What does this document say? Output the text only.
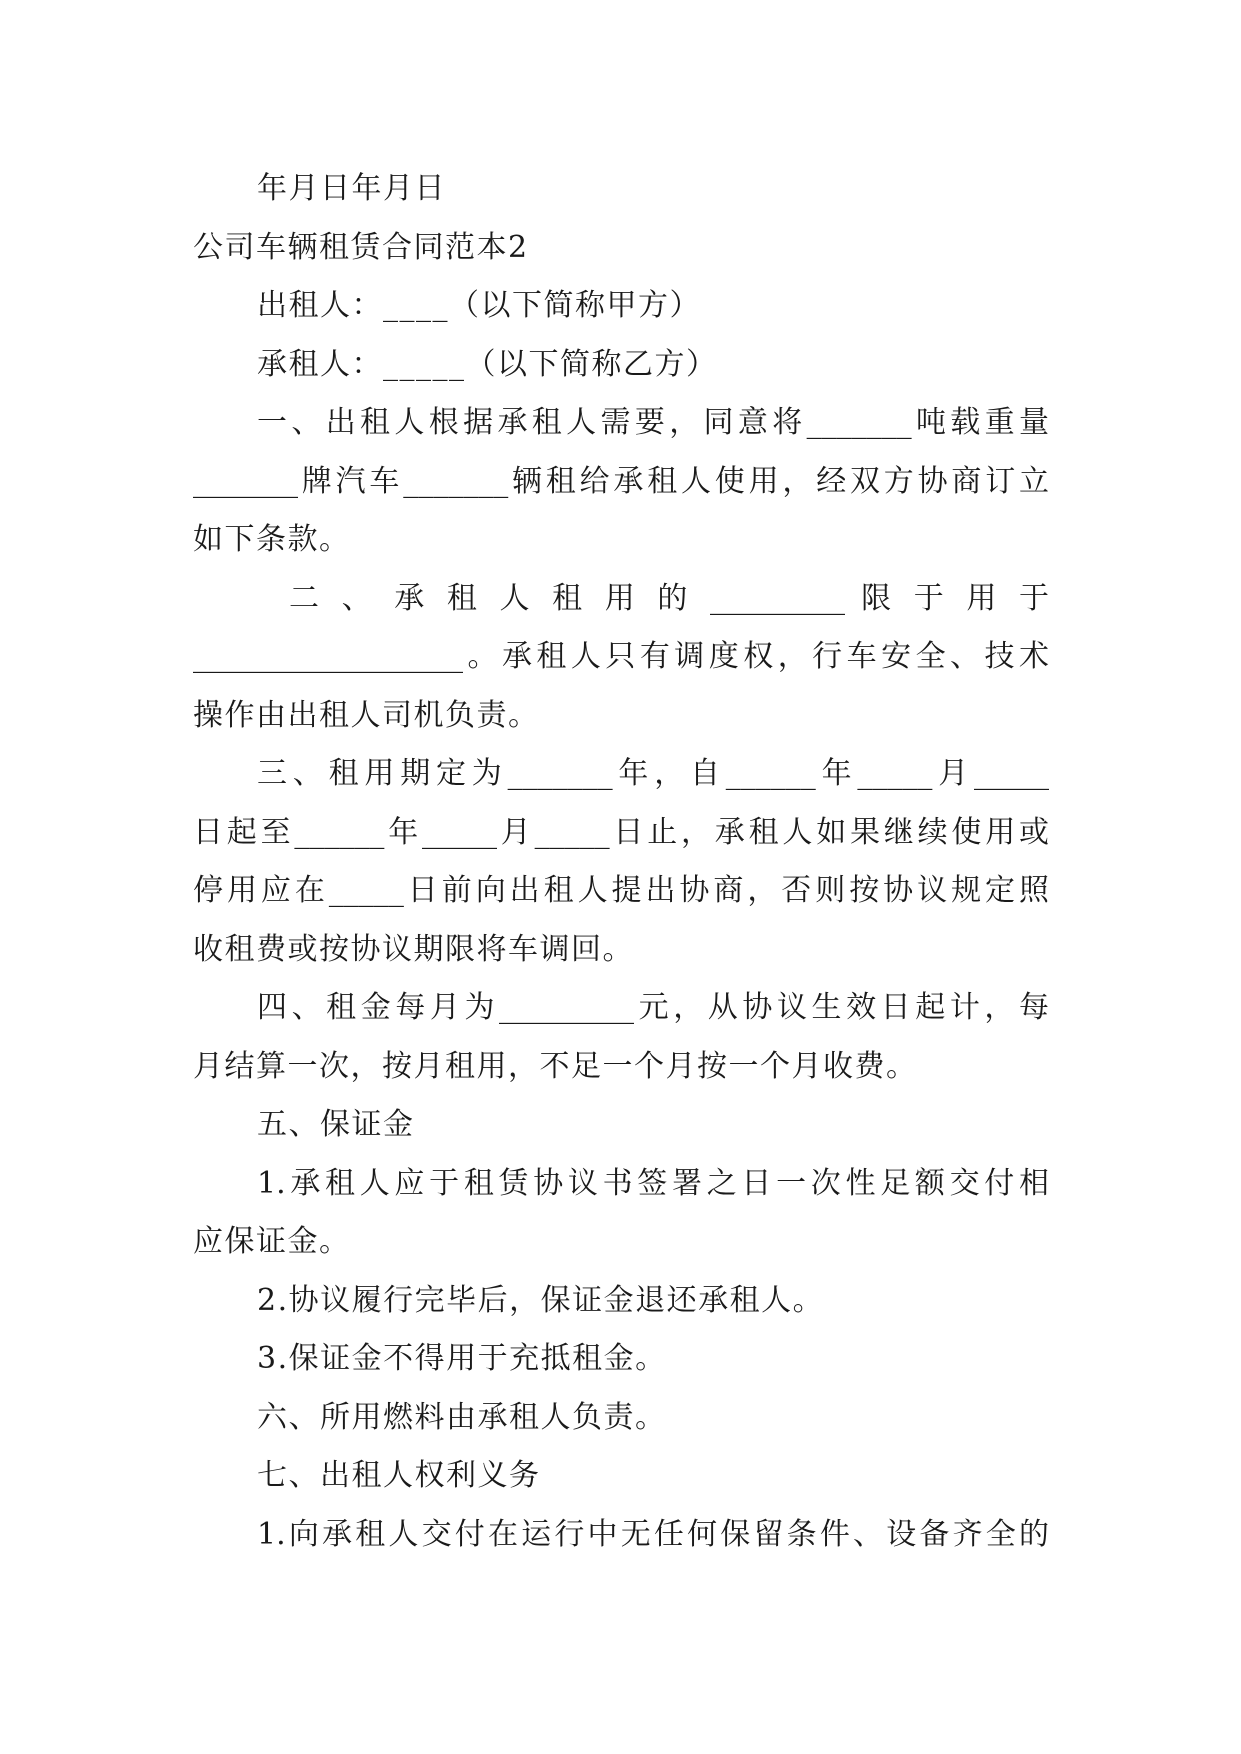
年月日年月日
公司车辆租赁合同范本2
出租人：____（以下简称甲方）
承租人：_____（以下简称乙方）
一、出租人根据承租人需要，同意将_______吨载重量
_______牌汽车_______辆租给承租人使用，经双方协商订立
如下条款。
二 、 承 租 人 租 用 的 _________ 限 于 用 于
__________________。承租人只有调度权，行车安全、技术
操作由出租人司机负责。
三、租用期定为_______年，自______年_____月_____
日起至______年_____月_____日止，承租人如果继续使用或
停用应在_____日前向出租人提出协商，否则按协议规定照
收租费或按协议期限将车调回。
四、租金每月为_________元，从协议生效日起计，每
月结算一次，按月租用，不足一个月按一个月收费。
五、保证金
1.承租人应于租赁协议书签署之日一次性足额交付相
应保证金。
2.协议履行完毕后，保证金退还承租人。
3.保证金不得用于充抵租金。
六、所用燃料由承租人负责。
七、出租人权利义务
1.向承租人交付在运行中无任何保留条件、设备齐全的
